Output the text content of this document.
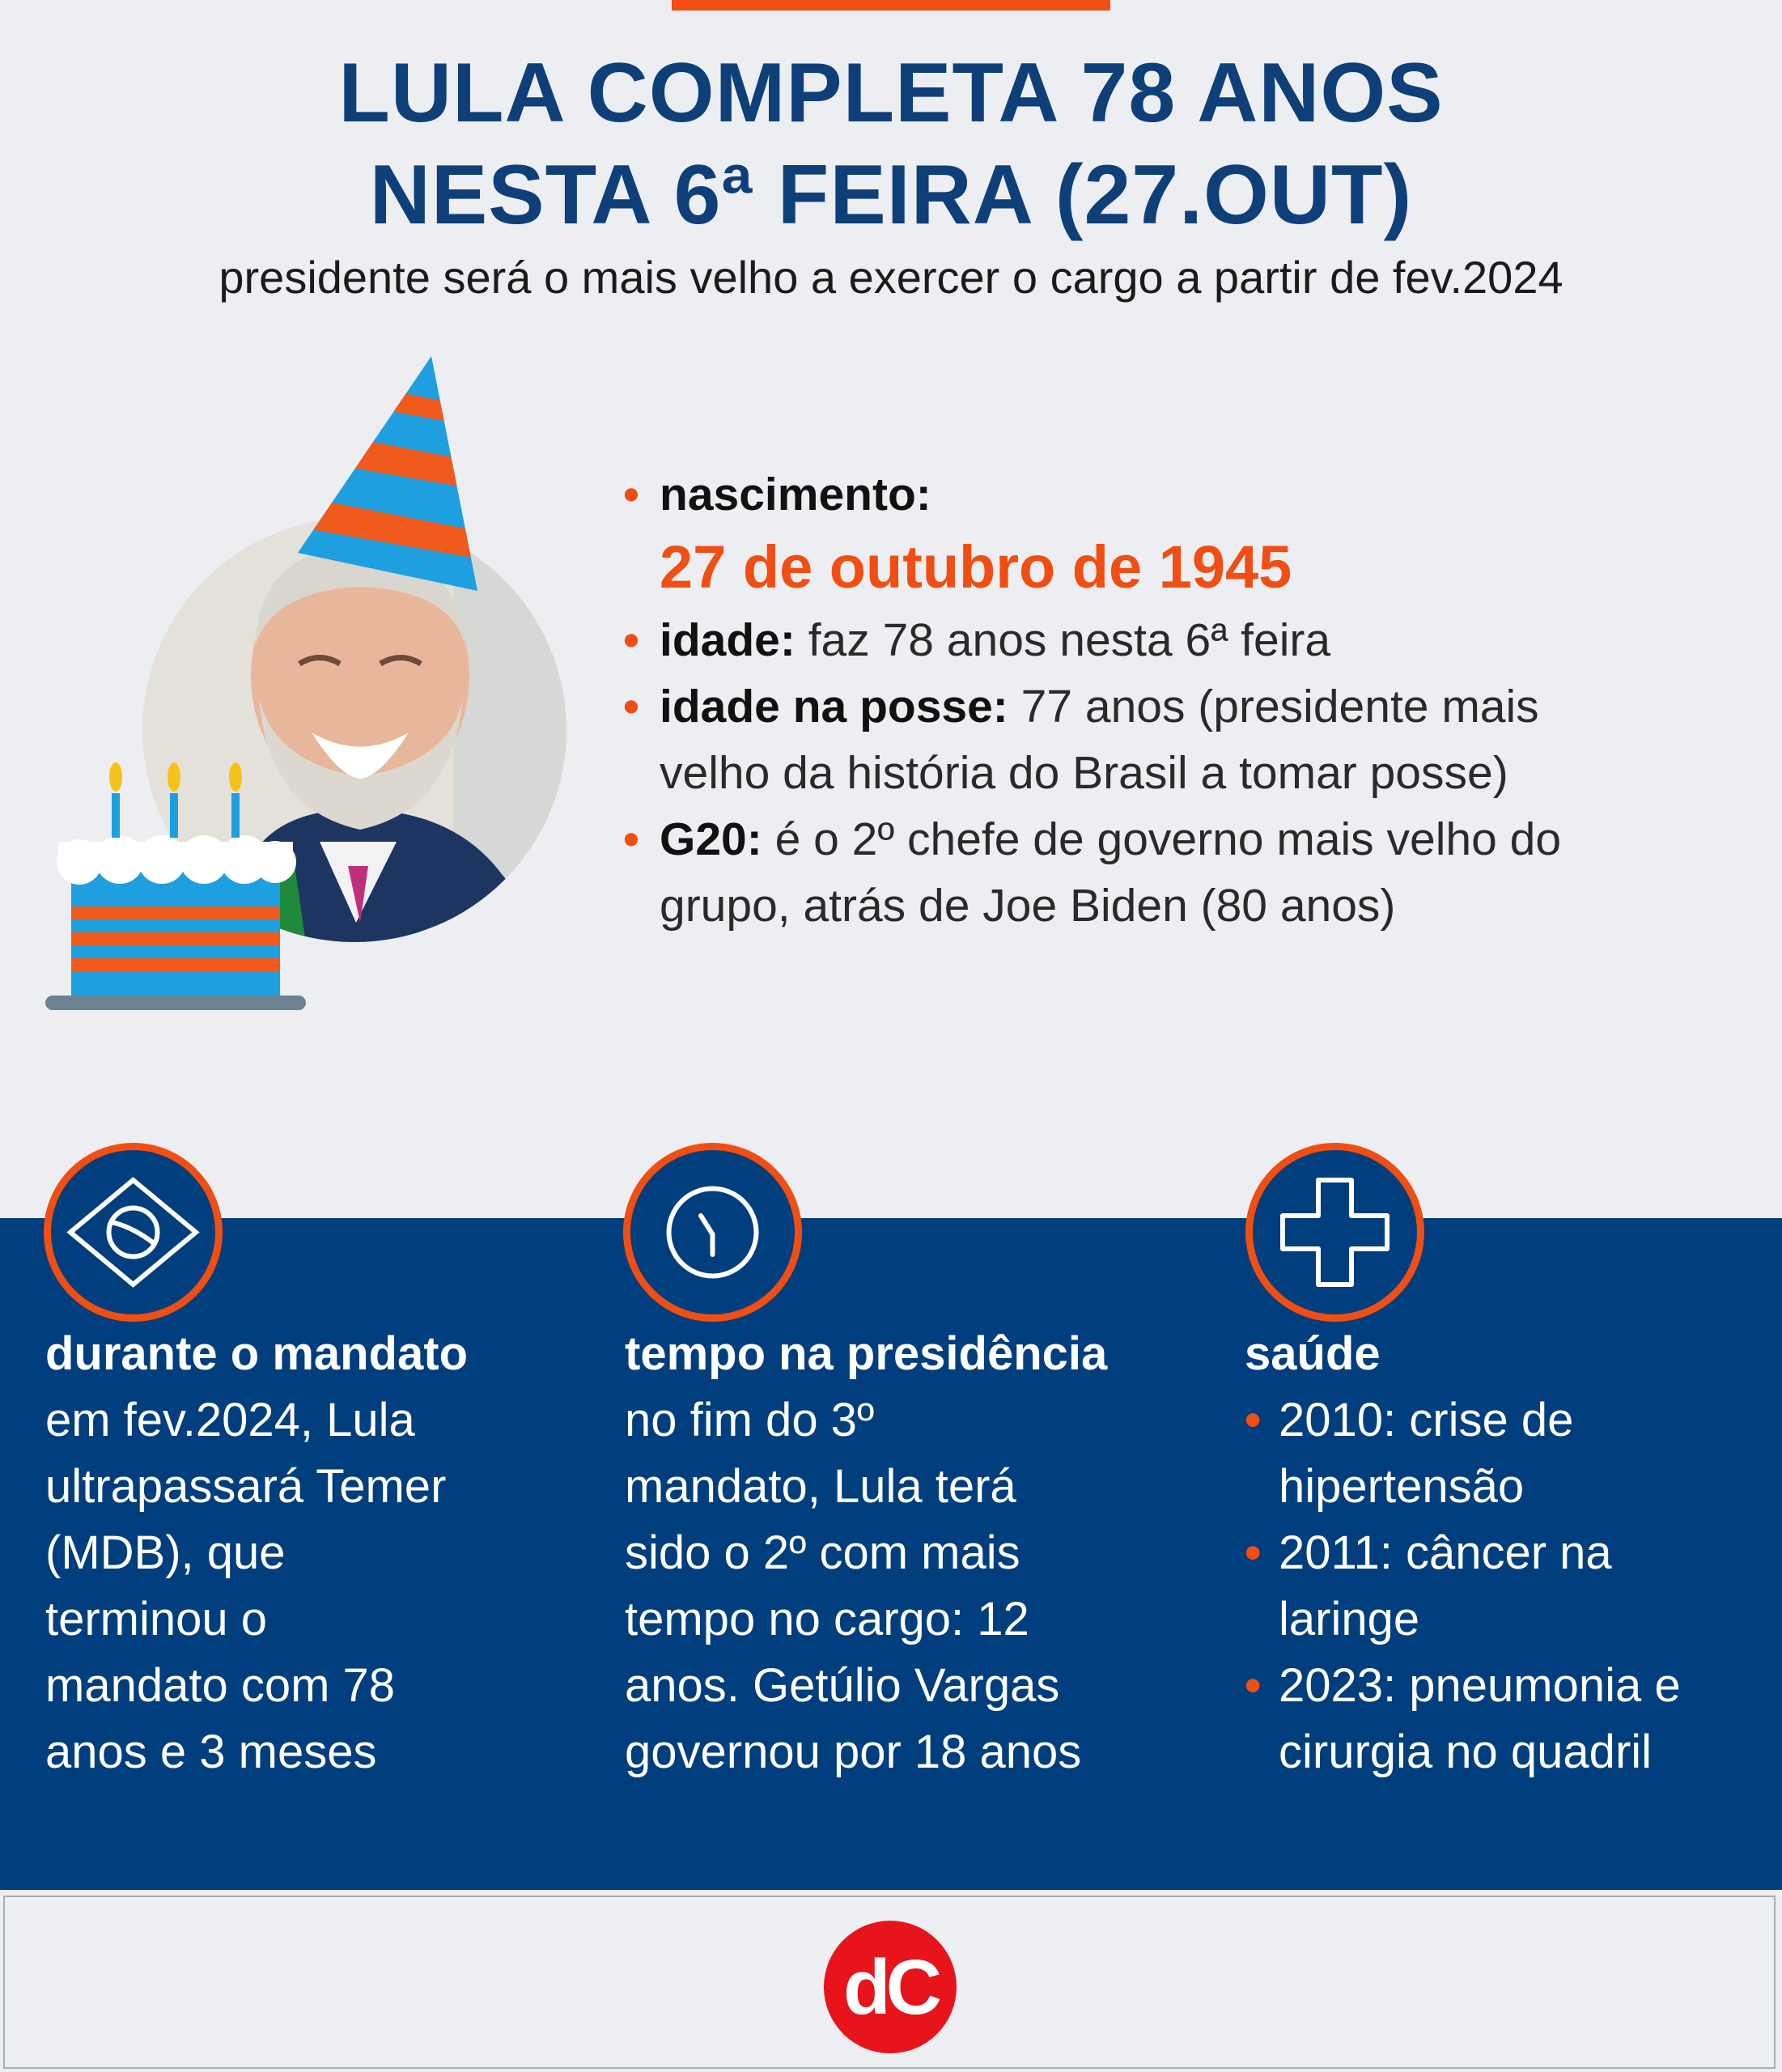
LULA COMPLETA 78 ANOS
NESTA 6ª FEIRA (27.OUT)
presidente será o mais velho a exercer o cargo a partir de fev.2024
• nascimento:
27 de outubro de 1945
• idade: faz 78 anos nesta 6ª feira
• idade na posse: 77 anos (presidente mais
velho da história do Brasil a tomar posse)
• G20: é o 2º chefe de governo mais velho do
grupo, atrás de Joe Biden (80 anos)
durante o mandato
em fev.2024, Lula
ultrapassará Temer
(MDB), que
terminou o
mandato com 78
anos e 3 meses
tempo na presidência
no fim do 3º
mandato, Lula terá
sido o 2º com mais
tempo no cargo: 12
anos. Getúlio Vargas
governou por 18 anos
saúde
• 2010: crise de
hipertensão
• 2011: câncer na
laringe
• 2023: pneumonia e
cirurgia no quadril
dC
